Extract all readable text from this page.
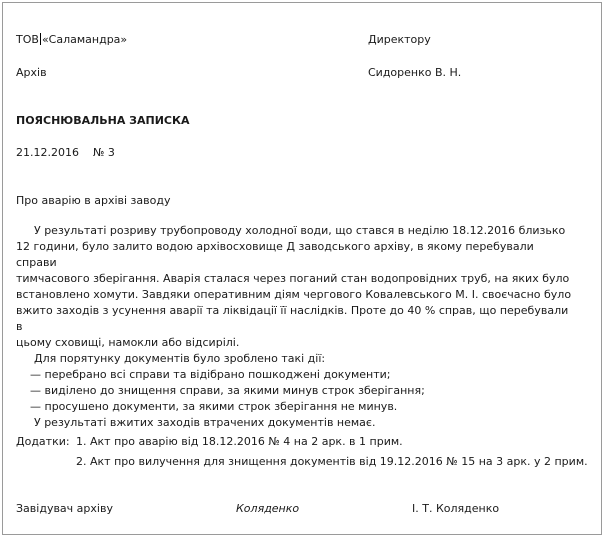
ТОВ «Саламандра»	Директору
Архів	Сидоренко В. Н.
ПОЯСНЮВАЛЬНА ЗАПИСКА
21.12.2016    № 3
Про аварію в архіві заводу

У результаті розриву трубопроводу холодної води, що стався в неділю 18.12.2016 близько

12 години, було залито водою архівосховище Д заводського архіву, в якому перебували справи

тимчасового зберігання. Аварія сталася через поганий стан водопровідних труб, на яких було

встановлено хомути. Завдяки оперативним діям чергового Ковалевського М. І. своєчасно було

вжито заходів з усунення аварії та ліквідації її наслідків. Проте до 40 % справ, що перебували в

цьому сховищі, намокли або відсирілі.

Для порятунку документів було зроблено такі дії:

— перебрано всі справи та відібрано пошкоджені документи;

— виділено до знищення справи, за якими минув строк зберігання;

— просушено документи, за якими строк зберігання не минув.

У результаті вжитих заходів втрачених документів немає.

Додатки: 1. Акт про аварію від 18.12.2016 № 4 на 2 арк. в 1 прим.
2. Акт про вилучення для знищення документів від 19.12.2016 № 15 на 3 арк. у 2 прим.
Завідувач архіву	Коляденко	І. Т. Коляденко
